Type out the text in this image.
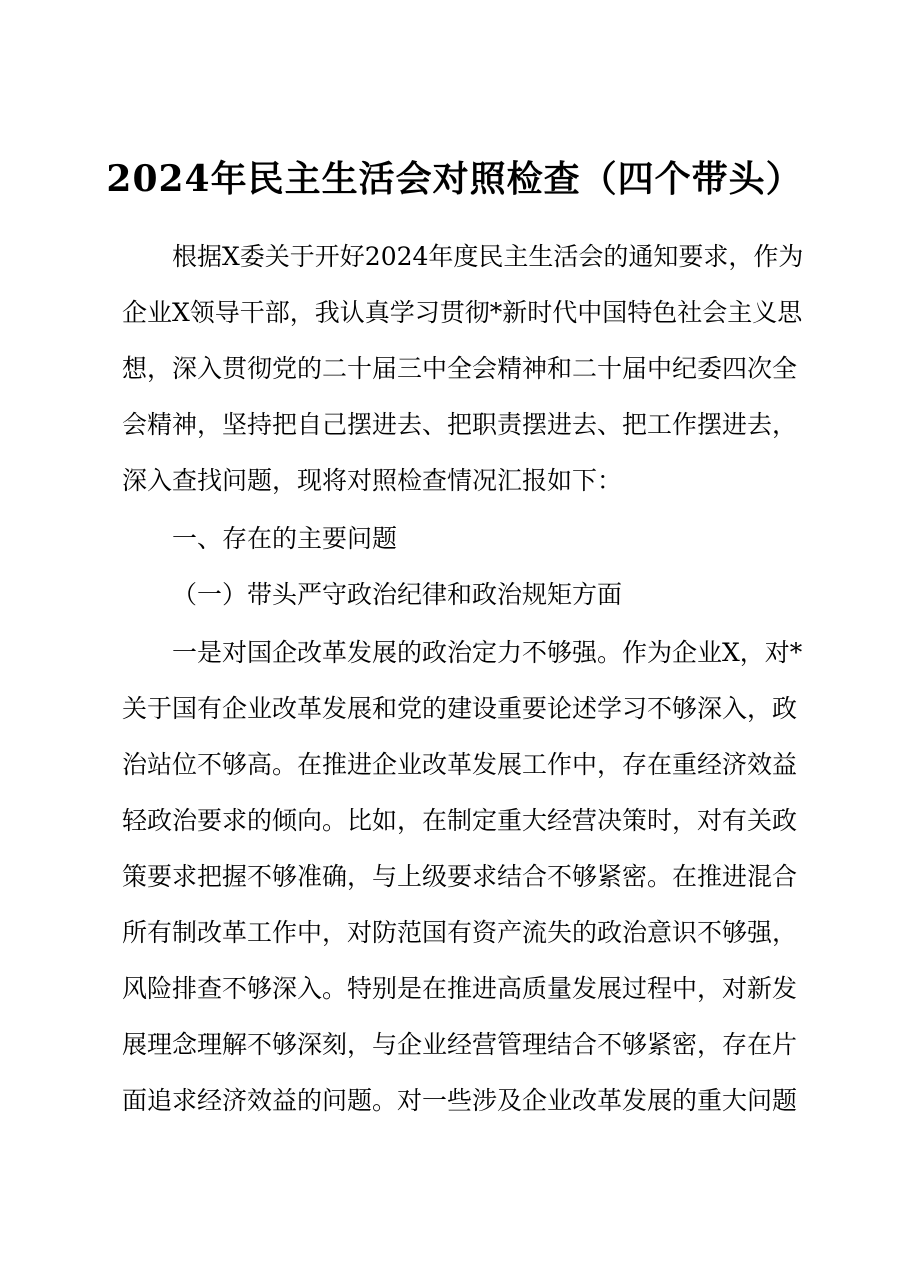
2024年民主生活会对照检查（四个带头）
根据X委关于开好2024年度民主生活会的通知要求，作为
企业X领导干部，我认真学习贯彻*新时代中国特色社会主义思
想，深入贯彻党的二十届三中全会精神和二十届中纪委四次全
会精神，坚持把自己摆进去、把职责摆进去、把工作摆进去，
深入查找问题，现将对照检查情况汇报如下：
一、存在的主要问题
（一）带头严守政治纪律和政治规矩方面
一是对国企改革发展的政治定力不够强。作为企业X，对*
关于国有企业改革发展和党的建设重要论述学习不够深入，政
治站位不够高。在推进企业改革发展工作中，存在重经济效益
轻政治要求的倾向。比如，在制定重大经营决策时，对有关政
策要求把握不够准确，与上级要求结合不够紧密。在推进混合
所有制改革工作中，对防范国有资产流失的政治意识不够强，
风险排查不够深入。特别是在推进高质量发展过程中，对新发
展理念理解不够深刻，与企业经营管理结合不够紧密，存在片
面追求经济效益的问题。对一些涉及企业改革发展的重大问题
